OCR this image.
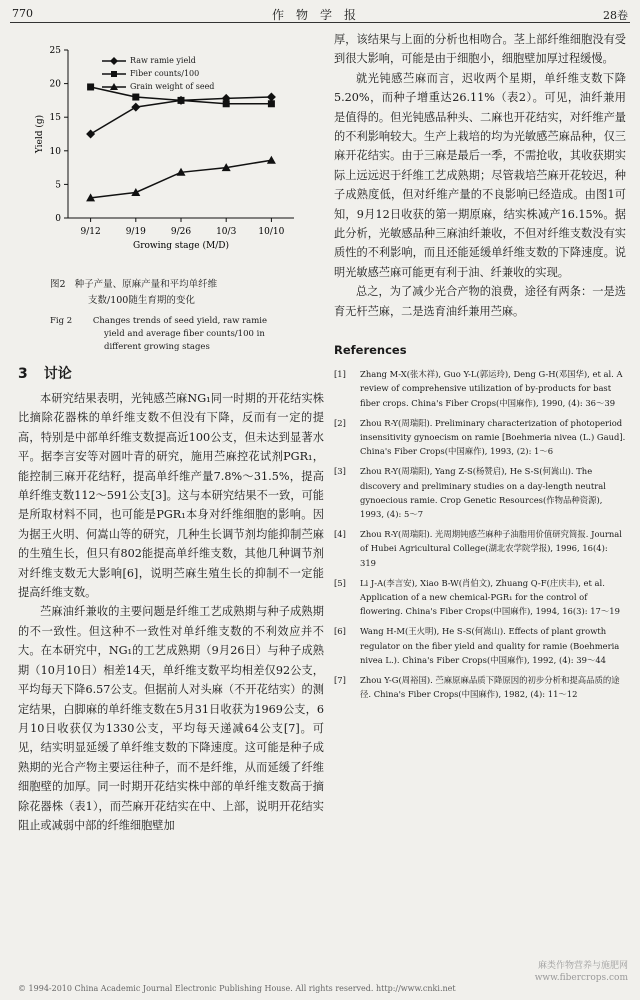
770	作物学报	28卷
0
5
10
15
20
25
9/12	9/19	9/26	10/3 10/10
Growing stage (M/D)
Yield (g)
Raw ramie yield
Fiber counts/100
Grain weight of seed
图2 种子产量、原麻产量和平均单纤维
支数/100随生育期的变化
Fig 2 Changes trends of seed yield, raw ramie
yield and average fiber counts/100 in
different growing stages
3 讨论

本研究结果表明，光钝感苎麻NG₁同一时期的开花结实株比摘除花器株的单纤维支数不但没有下降，反而有一定的提高，特别是中部单纤维支数提高近100公支，但未达到显著水平。据李言安等对圆叶青的研究，施用苎麻控花试剂PGR₁，能控制三麻开花结籽，提高单纤维产量7.8%～31.5%，提高单纤维支数112～591公支[3]。这与本研究结果不一致，可能是所取材料不同，也可能是PGR₁本身对纤维细胞的影响。因为据王火明、何嵩山等的研究，几种生长调节剂均能抑制苎麻的生殖生长，但只有802能提高单纤维支数，其他几种调节剂对纤维支数无大影响[6]，说明苎麻生殖生长的抑制不一定能提高纤维支数。

苎麻油纤兼收的主要问题是纤维工艺成熟期与种子成熟期的不一致性。但这种不一致性对单纤维支数的不利效应并不大。在本研究中，NG₁的工艺成熟期（9月26日）与种子成熟期（10月10日）相差14天，单纤维支数平均相差仅92公支，平均每天下降6.57公支。但据前人对头麻（不开花结实）的测定结果，白脚麻的单纤维支数在5月31日收获为1969公支，6月10日收获仅为1330公支，平均每天递减64公支[7]。可见，结实明显延缓了单纤维支数的下降速度。这可能是种子成熟期的光合产物主要运往种子，而不是纤维，从而延缓了纤维细胞壁的加厚。同一时期开花结实株中部的单纤维支数高于摘除花器株（表1），而苎麻开花结实在中、上部，说明开花结实阻止或减弱中部的纤维细胞壁加

厚，该结果与上面的分析也相吻合。茎上部纤维细胞没有受到很大影响，可能是由于细胞小，细胞壁加厚过程缓慢。

就光钝感苎麻而言，迟收两个星期，单纤维支数下降5.20%，而种子增重达26.11%（表2）。可见，油纤兼用是值得的。但光钝感品种头、二麻也开花结实，对纤维产量的不利影响较大。生产上栽培的均为光敏感苎麻品种，仅三麻开花结实。由于三麻是最后一季，不需抢收，其收获期实际上远远迟于纤维工艺成熟期；尽管栽培苎麻开花较迟，种子成熟度低，但对纤维产量的不良影响已经造成。由图1可知，9月12日收获的第一期原麻，结实株减产16.15%。据此分析，光敏感品种三麻油纤兼收，不但对纤维支数没有实质性的不利影响，而且还能延缓单纤维支数的下降速度。说明光敏感苎麻可能更有利于油、纤兼收的实现。

总之，为了减少光合产物的浪费，途径有两条：一是选育无杆苎麻，二是选育油纤兼用苎麻。

References
[1]	Zhang M-X(张木祥), Guo Y-L(郭运玲), Deng G-H(邓国华), et al. A review of comprehensive utilization of by-products for bast fiber crops. China's Fiber Crops(中国麻作), 1990, (4): 36～39
[2]	Zhou R-Y(周瑞阳). Preliminary characterization of photoperiod insensitivity gynoecism on ramie [Boehmeria nivea (L.) Gaud]. China's Fiber Crops(中国麻作), 1993, (2): 1～6
[3]	Zhou R-Y(周瑞阳), Yang Z-S(杨赞启), He S-S(何嵩山). The discovery and preliminary studies on a day-length neutral gynoecious ramie. Crop Genetic Resources(作物品种资源), 1993, (4): 5～7
[4]	Zhou R-Y(周瑞阳). 光周期钝感苎麻种子油脂用价值研究简报. Journal of Hubei Agricultural College(湖北农学院学报), 1996, 16(4): 319
[5]	Li J-A(李言安), Xiao B-W(肖伯文), Zhuang Q-F(庄庆丰), et al. Application of a new chemical-PGR₁ for the control of flowering. China's Fiber Crops(中国麻作), 1994, 16(3): 17～19
[6]	Wang H-M(王火明), He S-S(何嵩山). Effects of plant growth regulator on the fiber yield and quality for ramie (Boehmeria nivea L.). China's Fiber Crops(中国麻作), 1992, (4): 39～44
[7]	Zhou Y-G(周裕国). 苎麻原麻品质下降原因的初步分析和提高品质的途径. China's Fiber Crops(中国麻作), 1982, (4): 11～12
麻类作物营养与施肥网
www.fibercrops.com
© 1994-2010 China Academic Journal Electronic Publishing House. All rights reserved. http://www.cnki.net
